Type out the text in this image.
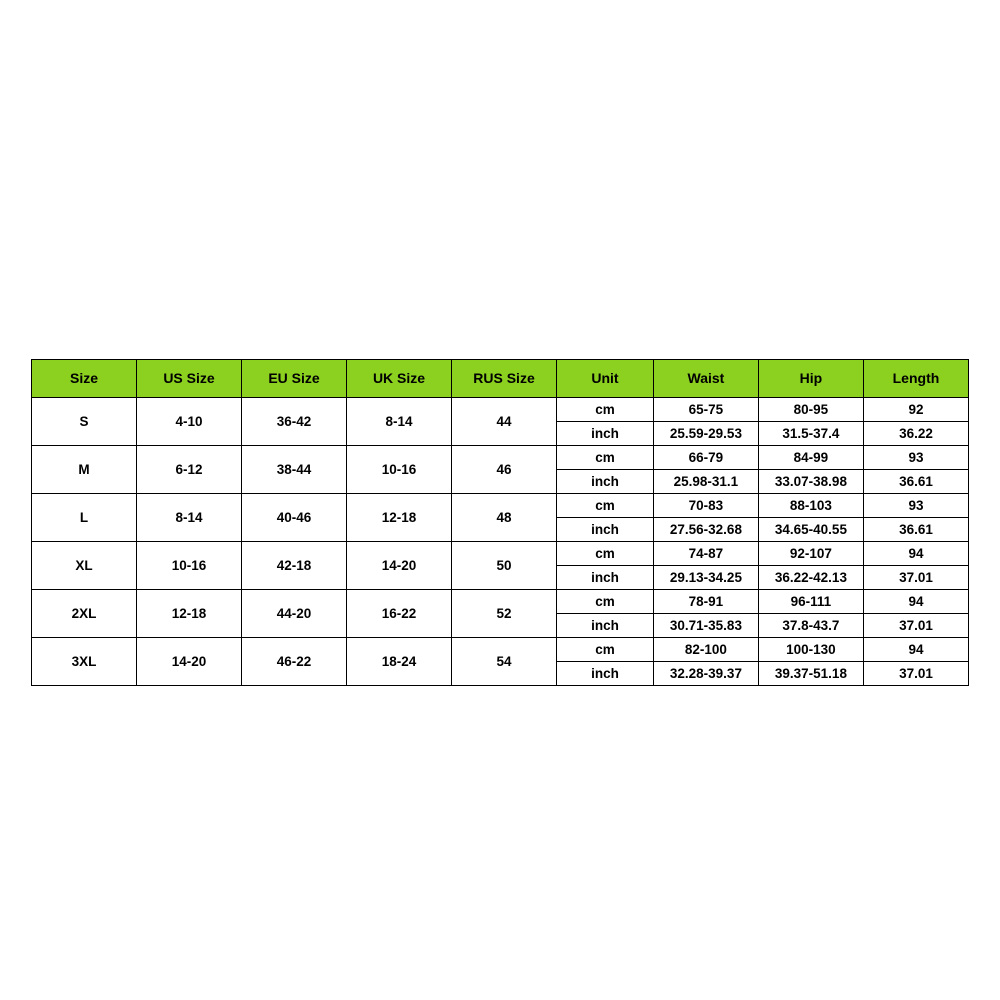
Size	US Size	EU Size	UK Size	RUS Size	Unit	Waist	Hip	Length
S	4-10	36-42	8-14	44	cm	65-75	80-95	92
					inch	25.59-29.53	31.5-37.4	36.22
M	6-12	38-44	10-16	46	cm	66-79	84-99	93
					inch	25.98-31.1	33.07-38.98	36.61
L	8-14	40-46	12-18	48	cm	70-83	88-103	93
					inch	27.56-32.68	34.65-40.55	36.61
XL	10-16	42-18	14-20	50	cm	74-87	92-107	94
					inch	29.13-34.25	36.22-42.13	37.01
2XL	12-18	44-20	16-22	52	cm	78-91	96-111	94
					inch	30.71-35.83	37.8-43.7	37.01
3XL	14-20	46-22	18-24	54	cm	82-100	100-130	94
					inch	32.28-39.37	39.37-51.18	37.01
